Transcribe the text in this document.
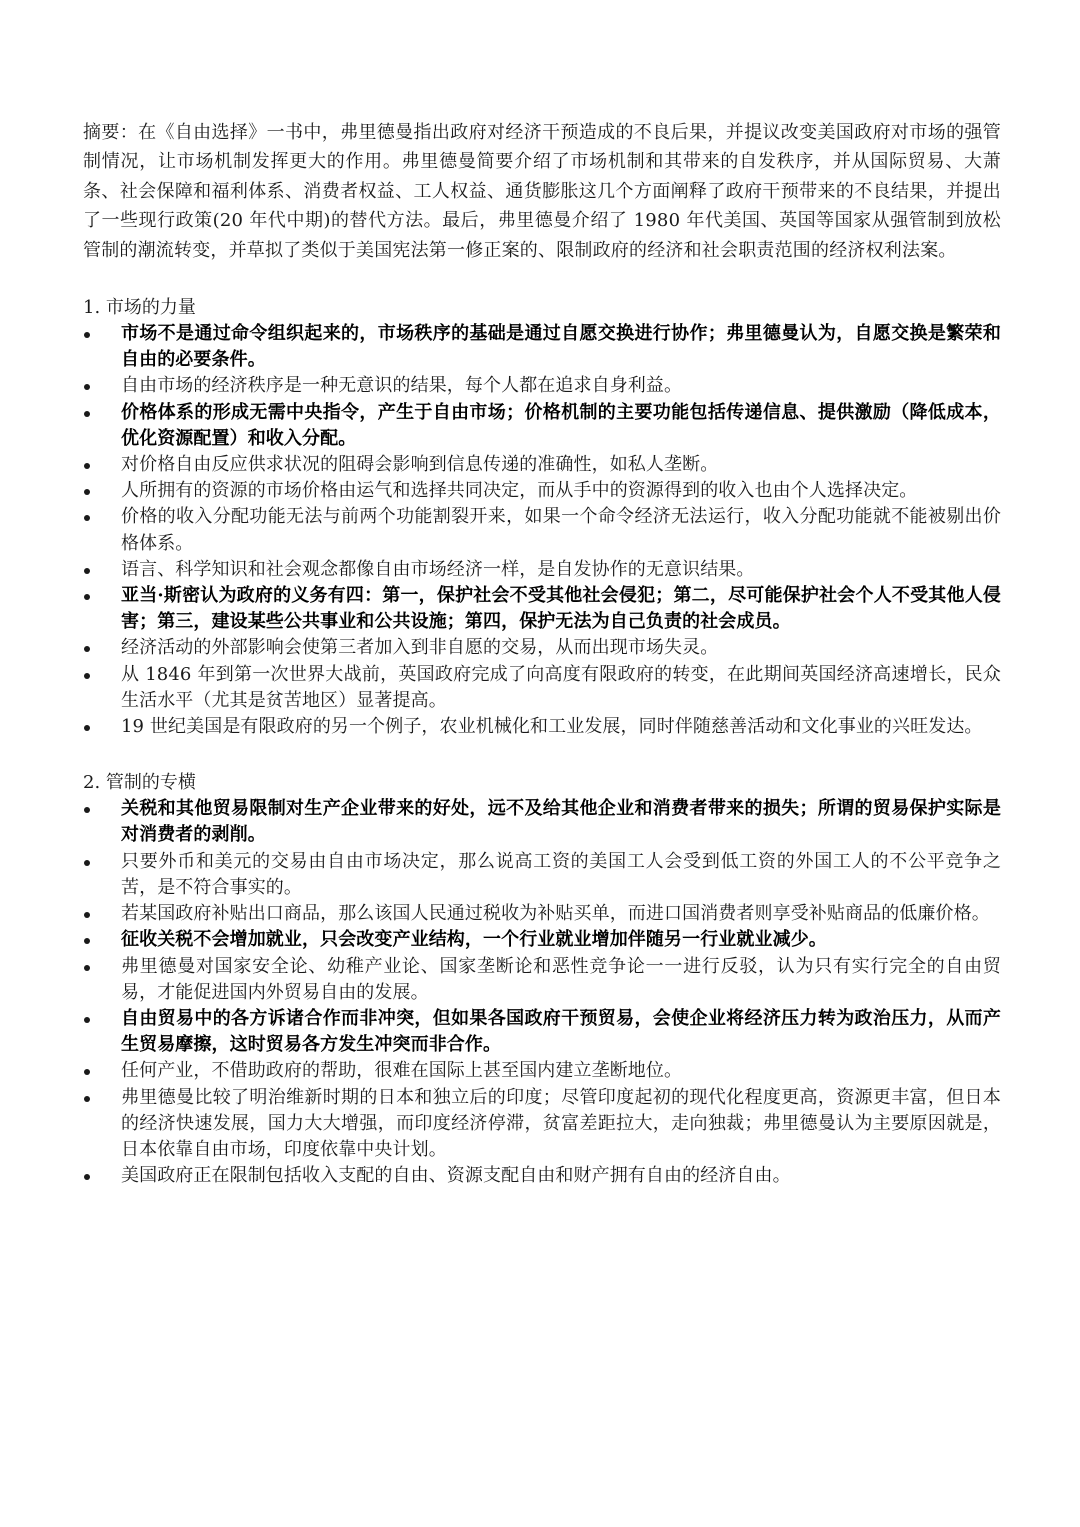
摘要：在《自由选择》一书中，弗里德曼指出政府对经济干预造成的不良后果，并提议改变美国政府对市场的强管制情况，让市场机制发挥更大的作用。弗里德曼简要介绍了市场机制和其带来的自发秩序，并从国际贸易、大萧条、社会保障和福利体系、消费者权益、工人权益、通货膨胀这几个方面阐释了政府干预带来的不良结果，并提出了一些现行政策(20 年代中期)的替代方法。最后，弗里德曼介绍了 1980 年代美国、英国等国家从强管制到放松管制的潮流转变，并草拟了类似于美国宪法第一修正案的、限制政府的经济和社会职责范围的经济权利法案。

1. 市场的力量

市场不是通过命令组织起来的，市场秩序的基础是通过自愿交换进行协作；弗里德曼认为，自愿交换是繁荣和自由的必要条件。
自由市场的经济秩序是一种无意识的结果，每个人都在追求自身利益。
价格体系的形成无需中央指令，产生于自由市场；价格机制的主要功能包括传递信息、提供激励（降低成本，优化资源配置）和收入分配。
对价格自由反应供求状况的阻碍会影响到信息传递的准确性，如私人垄断。
人所拥有的资源的市场价格由运气和选择共同决定，而从手中的资源得到的收入也由个人选择决定。
价格的收入分配功能无法与前两个功能割裂开来，如果一个命令经济无法运行，收入分配功能就不能被剔出价格体系。
语言、科学知识和社会观念都像自由市场经济一样，是自发协作的无意识结果。
亚当·斯密认为政府的义务有四：第一，保护社会不受其他社会侵犯；第二，尽可能保护社会个人不受其他人侵害；第三，建设某些公共事业和公共设施；第四，保护无法为自己负责的社会成员。
经济活动的外部影响会使第三者加入到非自愿的交易，从而出现市场失灵。
从 1846 年到第一次世界大战前，英国政府完成了向高度有限政府的转变，在此期间英国经济高速增长，民众生活水平（尤其是贫苦地区）显著提高。
19 世纪美国是有限政府的另一个例子，农业机械化和工业发展，同时伴随慈善活动和文化事业的兴旺发达。

2. 管制的专横

关税和其他贸易限制对生产企业带来的好处，远不及给其他企业和消费者带来的损失；所谓的贸易保护实际是对消费者的剥削。
只要外币和美元的交易由自由市场决定，那么说高工资的美国工人会受到低工资的外国工人的不公平竞争之苦，是不符合事实的。
若某国政府补贴出口商品，那么该国人民通过税收为补贴买单，而进口国消费者则享受补贴商品的低廉价格。
征收关税不会增加就业，只会改变产业结构，一个行业就业增加伴随另一行业就业减少。
弗里德曼对国家安全论、幼稚产业论、国家垄断论和恶性竞争论一一进行反驳，认为只有实行完全的自由贸易，才能促进国内外贸易自由的发展。
自由贸易中的各方诉诸合作而非冲突，但如果各国政府干预贸易，会使企业将经济压力转为政治压力，从而产生贸易摩擦，这时贸易各方发生冲突而非合作。
任何产业，不借助政府的帮助，很难在国际上甚至国内建立垄断地位。
弗里德曼比较了明治维新时期的日本和独立后的印度；尽管印度起初的现代化程度更高，资源更丰富，但日本的经济快速发展，国力大大增强，而印度经济停滞，贫富差距拉大，走向独裁；弗里德曼认为主要原因就是，日本依靠自由市场，印度依靠中央计划。
美国政府正在限制包括收入支配的自由、资源支配自由和财产拥有自由的经济自由。
